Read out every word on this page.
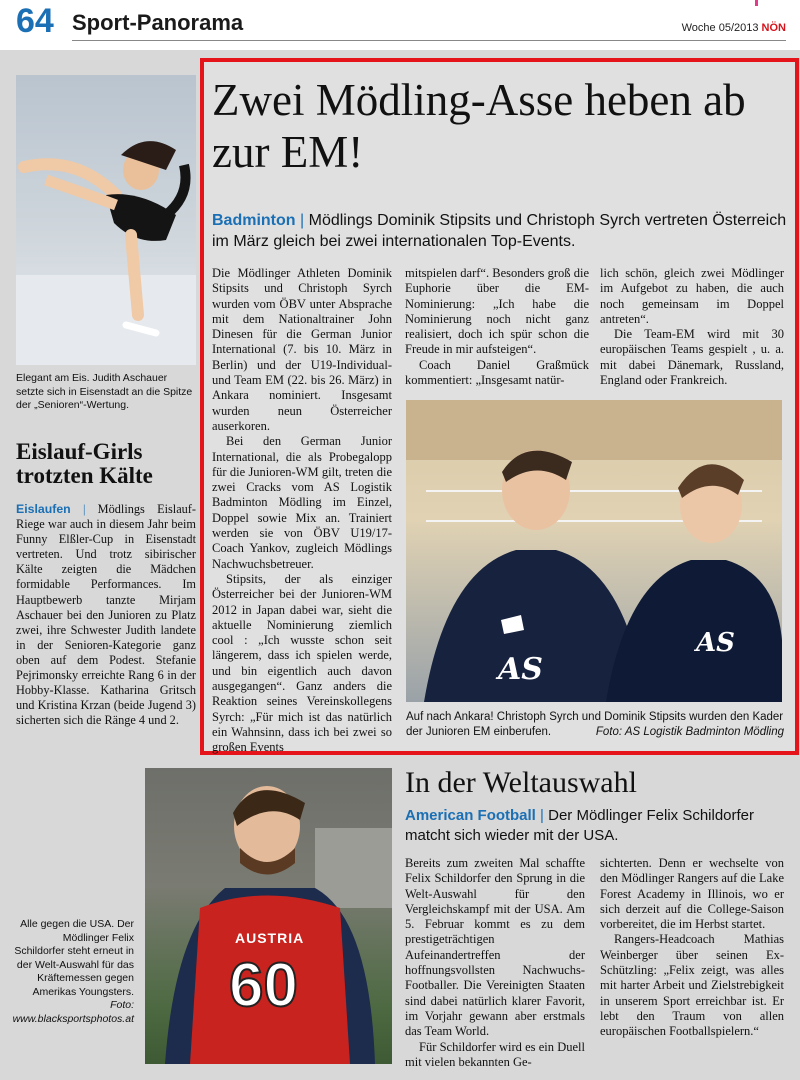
64 Sport-Panorama	Woche 05/2013 NÖN
Elegant am Eis. Judith Aschauer setzte sich in Eisenstadt an die Spitze der „Senioren“-Wertung.
Eislauf-Girls trotzten Kälte

Eislaufen | Mödlings Eislauf-Riege war auch in diesem Jahr beim Funny Elßler-Cup in Eisenstadt vertreten. Und trotz sibirischer Kälte zeigten die Mädchen formidable Performances. Im Hauptbewerb tanzte Mirjam Aschauer bei den Junioren zu Platz zwei, ihre Schwester Judith landete in der Senioren-Kategorie ganz oben auf dem Podest. Stefanie Pejrimonsky erreichte Rang 6 in der Hobby-Klasse. Katharina Gritsch und Kristina Krzan (beide Jugend 3) sicherten sich die Ränge 4 und 2.

Zwei Mödling-Asse heben ab zur EM!
Badminton | Mödlings Dominik Stipsits und Christoph Syrch vertreten Österreich im März gleich bei zwei internationalen Top-Events.

Die Mödlinger Athleten Dominik Stipsits und Christoph Syrch wurden vom ÖBV unter Absprache mit dem Nationaltrainer John Dinesen für die German Junior International (7. bis 10. März in Berlin) und der U19-Individual- und Team EM (22. bis 26. März) in Ankara nominiert. Insgesamt wurden neun Österreicher auserkoren.

Bei den German Junior International, die als Probegalopp für die Junioren-WM gilt, treten die zwei Cracks vom AS Logistik Badminton Mödling im Einzel, Doppel sowie Mix an. Trainiert werden sie von ÖBV U19/17-Coach Yankov, zugleich Mödlings Nachwuchsbetreuer.

Stipsits, der als einziger Österreicher bei der Junioren-WM 2012 in Japan dabei war, sieht die aktuelle Nominierung ziemlich cool : „Ich wusste schon seit längerem, dass ich spielen werde, und bin eigentlich auch davon ausgegangen“. Ganz anders die Reaktion seines Vereinskollegens Syrch: „Für mich ist das natürlich ein Wahnsinn, dass ich bei zwei so großen Events

mitspielen darf“. Besonders groß die Euphorie über die EM-Nominierung: „Ich habe die Nominierung noch nicht ganz realisiert, doch ich spür schon die Freude in mir aufsteigen“.

Coach Daniel Graßmück kommentiert: „Insgesamt natür-

lich schön, gleich zwei Mödlinger im Aufgebot zu haben, die auch noch gemeinsam im Doppel antreten“.

Die Team-EM wird mit 30 europäischen Teams gespielt , u. a. mit dabei Dänemark, Russland, England oder Frankreich.

AS
AS
Auf nach Ankara! Christoph Syrch und Dominik Stipsits wurden den Kader der Junioren EM einberufen.	Foto: AS Logistik Badminton Mödling
Alle gegen die USA. Der Mödlinger Felix Schildorfer steht erneut in der Welt-Auswahl für das Kräftemessen gegen Amerikas Youngsters.
Foto: www.blacksportsphotos.at
AUSTRIA
60
In der Weltauswahl
American Football | Der Mödlinger Felix Schildorfer matcht sich wieder mit der USA.

Bereits zum zweiten Mal schaffte Felix Schildorfer den Sprung in die Welt-Auswahl für den Vergleichskampf mit der USA. Am 5. Februar kommt es zu dem prestigeträchtigen Aufeinandertreffen der hoffnungsvollsten Nachwuchs-Footballer. Die Vereinigten Staaten sind dabei natürlich klarer Favorit, im Vorjahr gewann aber erstmals das Team World.

Für Schildorfer wird es ein Duell mit vielen bekannten Ge-

sichterten. Denn er wechselte von den Mödlinger Rangers auf die Lake Forest Academy in Illinois, wo er sich derzeit auf die College-Saison vorbereitet, die im Herbst startet.

Rangers-Headcoach Mathias Weinberger über seinen Ex-Schützling: „Felix zeigt, was alles mit harter Arbeit und Zielstrebigkeit in unserem Sport erreichbar ist. Er lebt den Traum von allen europäischen Footballspielern.“
